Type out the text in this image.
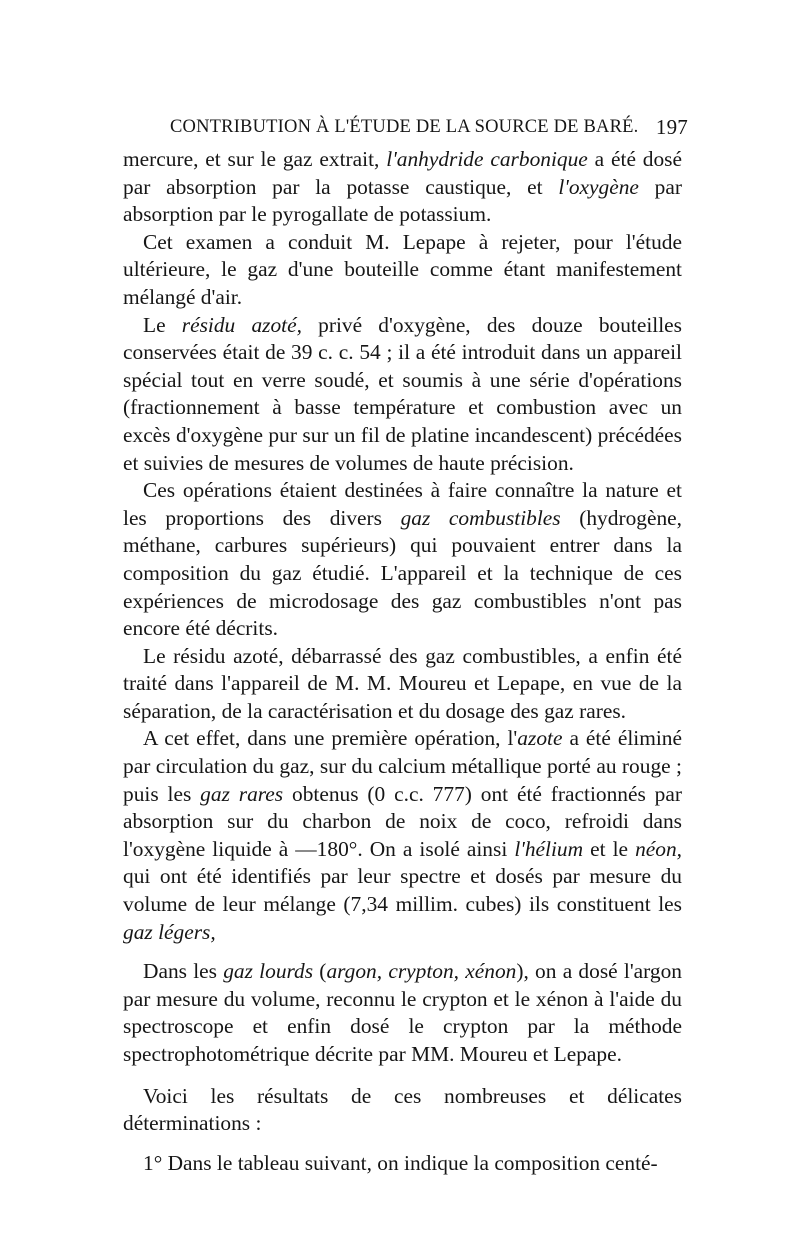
CONTRIBUTION À L'ÉTUDE DE LA SOURCE DE BARÉ. 197

mercure, et sur le gaz extrait, l'anhydride carbonique a été dosé par absorption par la potasse caustique, et l'oxygène par absorption par le pyrogallate de potassium.

Cet examen a conduit M. Lepape à rejeter, pour l'étude ultérieure, le gaz d'une bouteille comme étant manifestement mélangé d'air.

Le résidu azoté, privé d'oxygène, des douze bouteilles conservées était de 39 c. c. 54 ; il a été introduit dans un appareil spécial tout en verre soudé, et soumis à une série d'opérations (fractionnement à basse température et combustion avec un excès d'oxygène pur sur un fil de platine incandescent) précédées et suivies de mesures de volumes de haute précision.

Ces opérations étaient destinées à faire connaître la nature et les proportions des divers gaz combustibles (hydrogène, méthane, carbures supérieurs) qui pouvaient entrer dans la composition du gaz étudié. L'appareil et la technique de ces expériences de microdosage des gaz combustibles n'ont pas encore été décrits.

Le résidu azoté, débarrassé des gaz combustibles, a enfin été traité dans l'appareil de M. M. Moureu et Lepape, en vue de la séparation, de la caractérisation et du dosage des gaz rares.

A cet effet, dans une première opération, l'azote a été éliminé par circulation du gaz, sur du calcium métallique porté au rouge ; puis les gaz rares obtenus (0 c.c. 777) ont été fractionnés par absorption sur du charbon de noix de coco, refroidi dans l'oxygène liquide à —180°. On a isolé ainsi l'hélium et le néon, qui ont été identifiés par leur spectre et dosés par mesure du volume de leur mélange (7,34 millim. cubes) ils constituent les gaz légers,

Dans les gaz lourds (argon, crypton, xénon), on a dosé l'argon par mesure du volume, reconnu le crypton et le xénon à l'aide du spectroscope et enfin dosé le crypton par la méthode spectrophotométrique décrite par MM. Moureu et Lepape.

Voici les résultats de ces nombreuses et délicates déterminations :

1° Dans le tableau suivant, on indique la composition centé-
